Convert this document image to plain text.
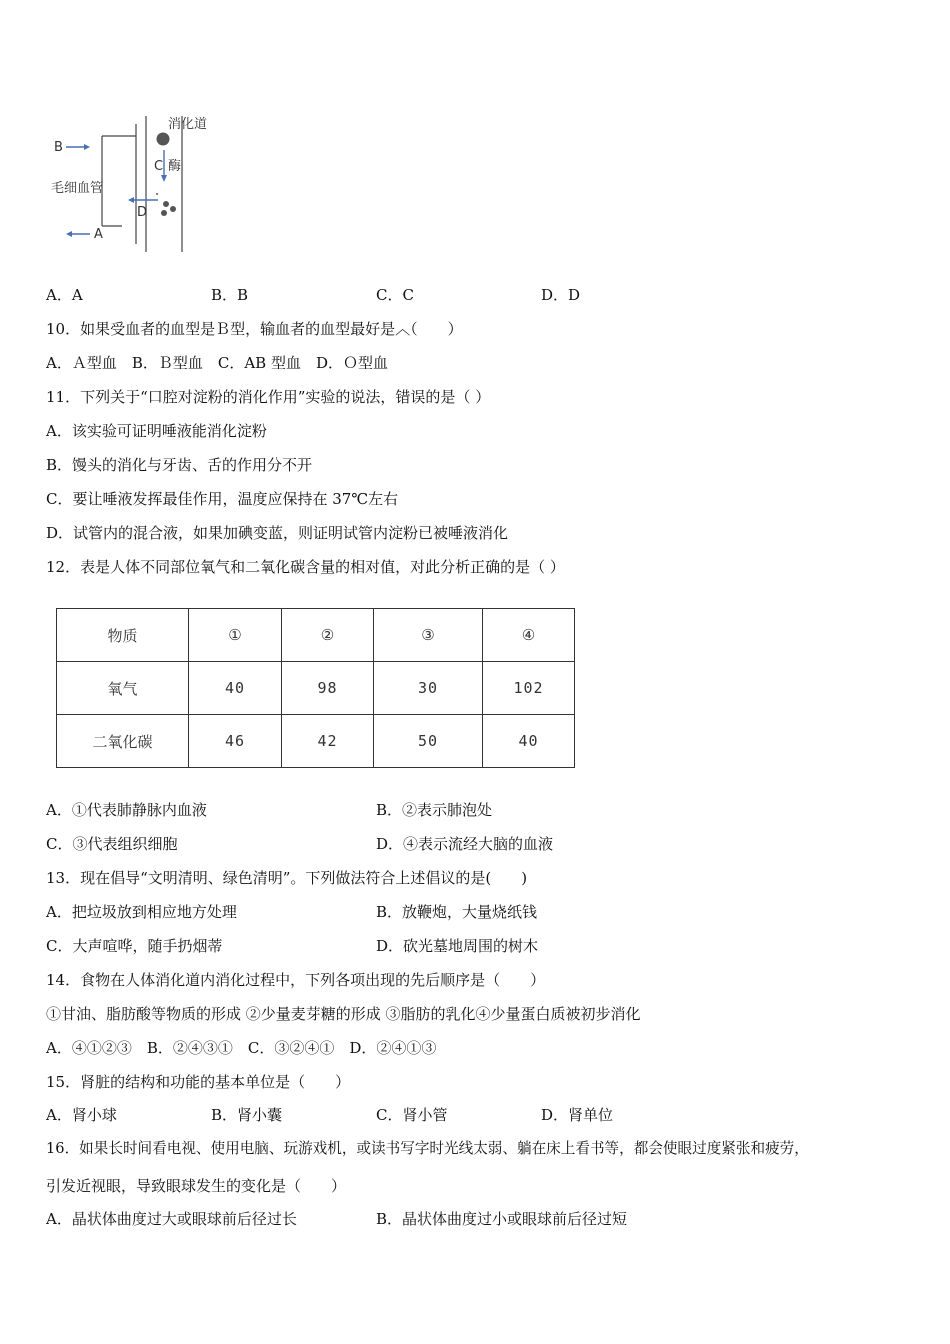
消化道
毛细血管
C 酶
D
B
A
A．A	B．B	C．C	D．D
10．如果受血者的血型是Ｂ型，输血者的血型最好是︿（　　）
A．Ａ型血　B．Ｂ型血　C．AB 型血　D．Ｏ型血
11．下列关于“口腔对淀粉的消化作用”实验的说法，错误的是（ ）
A．该实验可证明唾液能消化淀粉
B．馒头的消化与牙齿、舌的作用分不开
C．要让唾液发挥最佳作用，温度应保持在 37℃左右
D．试管内的混合液，如果加碘变蓝，则证明试管内淀粉已被唾液消化
12．表是人体不同部位氧气和二氧化碳含量的相对值，对此分析正确的是（ ）
物质	①	②	③	④
氧气	40	98	30	102
二氧化碳	46	42	50	40
A．①代表肺静脉内血液	B．②表示肺泡处
C．③代表组织细胞	D．④表示流经大脑的血液
13．现在倡导“文明清明、绿色清明”。下列做法符合上述倡议的是(　　)
A．把垃圾放到相应地方处理	B．放鞭炮，大量烧纸钱
C．大声喧哗，随手扔烟蒂	D．砍光墓地周围的树木
14．食物在人体消化道内消化过程中，下列各项出现的先后顺序是（　　）
①甘油、脂肪酸等物质的形成 ②少量麦芽糖的形成 ③脂肪的乳化④少量蛋白质被初步消化
A．④①②③　B．②④③①　C．③②④①　D．②④①③
15．肾脏的结构和功能的基本单位是（　　）
A．肾小球	B．肾小囊	C．肾小管	D．肾单位
16．如果长时间看电视、使用电脑、玩游戏机，或读书写字时光线太弱、躺在床上看书等，都会使眼过度紧张和疲劳，
引发近视眼，导致眼球发生的变化是（　　）
A．晶状体曲度过大或眼球前后径过长	B．晶状体曲度过小或眼球前后径过短
